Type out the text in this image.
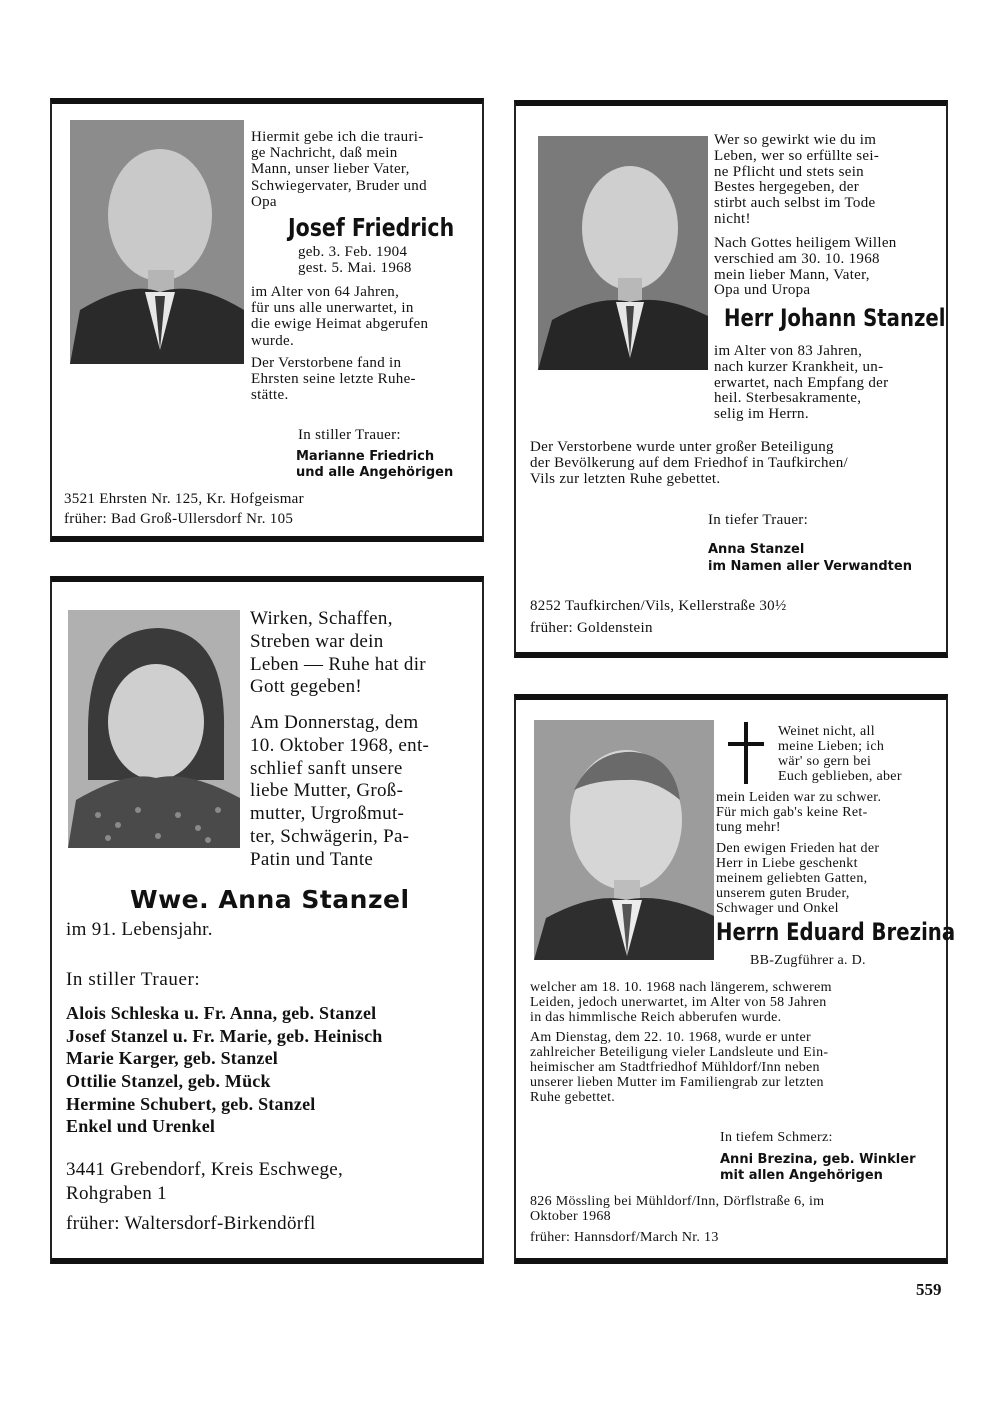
Hiermit gebe ich die trauri-
ge Nachricht, daß mein
Mann, unser lieber Vater,
Schwiegervater, Bruder und
Opa
Josef Friedrich
geb. 3. Feb. 1904
gest. 5. Mai. 1968
im Alter von 64 Jahren,
für uns alle unerwartet, in
die ewige Heimat abgerufen
wurde.
Der Verstorbene fand in
Ehrsten seine letzte Ruhe-
stätte.
In stiller Trauer:
Marianne Friedrich
und alle Angehörigen
3521 Ehrsten Nr. 125, Kr. Hofgeismar
früher: Bad Groß-Ullersdorf Nr. 105
Wer so gewirkt wie du im
Leben, wer so erfüllte sei-
ne Pflicht und stets sein
Bestes hergegeben, der
stirbt auch selbst im Tode
nicht!
Nach Gottes heiligem Willen
verschied am 30. 10. 1968
mein lieber Mann, Vater,
Opa und Uropa
Herr Johann Stanzel
im Alter von 83 Jahren,
nach kurzer Krankheit, un-
erwartet, nach Empfang der
heil. Sterbesakramente,
selig im Herrn.
Der Verstorbene wurde unter großer Beteiligung
der Bevölkerung auf dem Friedhof in Taufkirchen/
Vils zur letzten Ruhe gebettet.
In tiefer Trauer:
Anna Stanzel
im Namen aller Verwandten
8252 Taufkirchen/Vils, Kellerstraße 30½
früher: Goldenstein
Wirken, Schaffen,
Streben war dein
Leben — Ruhe hat dir
Gott gegeben!
Am Donnerstag, dem
10. Oktober 1968, ent-
schlief sanft unsere
liebe Mutter, Groß-
mutter, Urgroßmut-
ter, Schwägerin, Pa-
Patin und Tante
Wwe. Anna Stanzel
im 91. Lebensjahr.
In stiller Trauer:
Alois Schleska u. Fr. Anna, geb. Stanzel
Josef Stanzel u. Fr. Marie, geb. Heinisch
Marie Karger, geb. Stanzel
Ottilie Stanzel, geb. Mück
Hermine Schubert, geb. Stanzel
Enkel und Urenkel
3441 Grebendorf, Kreis Eschwege,
Rohgraben 1
früher: Waltersdorf-Birkendörfl
Weinet nicht, all
meine Lieben; ich
wär' so gern bei
Euch geblieben, aber
mein Leiden war zu schwer.
Für mich gab's keine Ret-
tung mehr!
Den ewigen Frieden hat der
Herr in Liebe geschenkt
meinem geliebten Gatten,
unserem guten Bruder,
Schwager und Onkel
Herrn Eduard Brezina
BB-Zugführer a. D.
welcher am 18. 10. 1968 nach längerem, schwerem
Leiden, jedoch unerwartet, im Alter von 58 Jahren
in das himmlische Reich abberufen wurde.
Am Dienstag, dem 22. 10. 1968, wurde er unter
zahlreicher Beteiligung vieler Landsleute und Ein-
heimischer am Stadtfriedhof Mühldorf/Inn neben
unserer lieben Mutter im Familiengrab zur letzten
Ruhe gebettet.
In tiefem Schmerz:
Anni Brezina, geb. Winkler
mit allen Angehörigen
826 Mössling bei Mühldorf/Inn, Dörflstraße 6, im
Oktober 1968
früher: Hannsdorf/March Nr. 13
559
